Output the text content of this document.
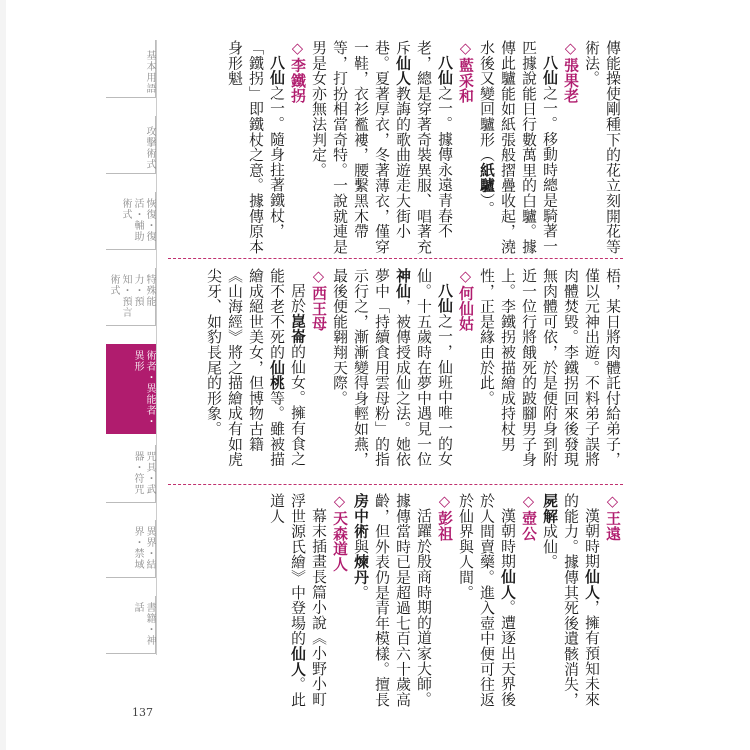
基本用語
攻擊術式
恢復・復活・輔助術式
特殊能力・預知・預言術式
術者・異能者・異形
咒具・武器・符咒
異界・結界・禁域
書籍・神話
137

傳能操使剛種下的花立刻開花等術法。

◇張果老

八仙之一。移動時總是騎著一匹據說能日行數萬里的白驢。據傳此驢能如紙張般摺疊收起，澆水後又變回驢形（紙驢）。

◇藍采和

八仙之一。據傳永遠青春不老，總是穿著奇裝異服、唱著充斥仙人教誨的歌曲遊走大街小巷。夏著厚衣，冬著薄衣，僅穿一鞋，衣衫襤褸，腰繫黑木帶等，打扮相當奇特。一說就連是男是女亦無法判定。

◇李鐵拐

八仙之一。隨身拄著鐵杖，「鐵拐」即鐵杖之意。據傳原本身形魁

梧，某日將肉體託付給弟子，僅以元神出遊。不料弟子誤將肉體焚毀。李鐵拐回來後發現無肉體可依，於是便附身到附近一位行將餓死的跛腳男子身上。李鐵拐被描繪成持杖男性，正是緣由於此。

◇何仙姑

八仙之一，仙班中唯一的女仙。十五歲時在夢中遇見一位神仙，被傳授成仙之法。她依夢中「持續食用雲母粉」的指示行之，漸漸變得身輕如燕，最後便能翱翔天際。

◇西王母

居於崑崙的仙女。擁有食之能不老不死的仙桃等。雖被描繪成絕世美女，但博物古籍《山海經》將之描繪成有如虎尖牙、如豹長尾的形象。

◇王遠

漢朝時期仙人，擁有預知未來的能力。據傳其死後遺骸消失，屍解成仙。

◇壺公

漢朝時期仙人。遭逐出天界後於人間賣藥。進入壺中便可往返於仙界與人間。

◇彭祖

活躍於殷商時期的道家大師。據傳當時已是超過七百六十歲高齡，但外表仍是青年模樣。擅長房中術與煉丹。

◇天森道人

幕末插畫長篇小說《小野小町浮世源氏繪》中登場的仙人。此道人
